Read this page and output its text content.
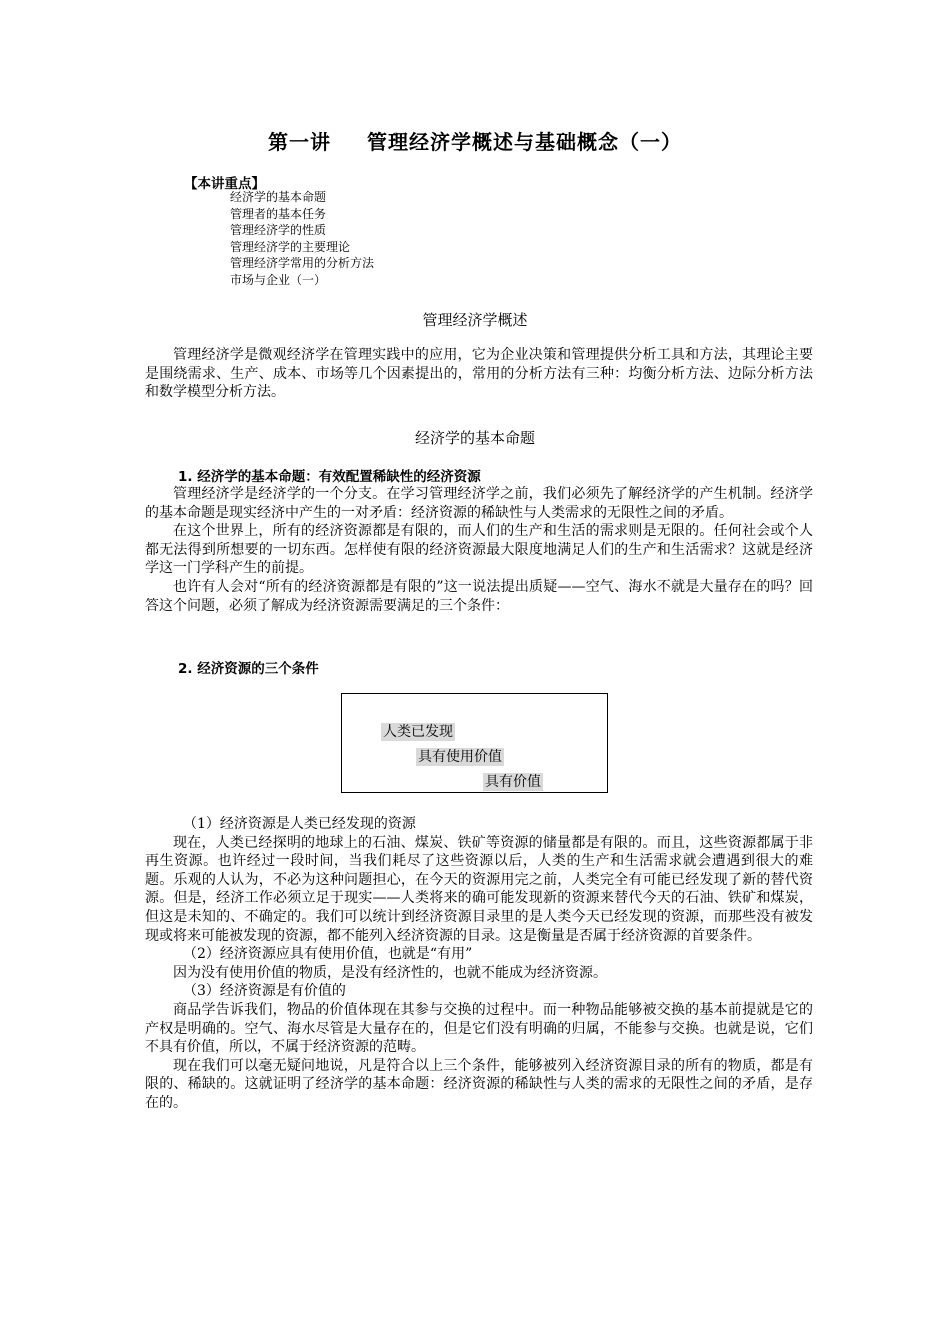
第一讲 管理经济学概述与基础概念（一）
【本讲重点】
经济学的基本命题
管理者的基本任务
管理经济学的性质
管理经济学的主要理论
管理经济学常用的分析方法
市场与企业（一）
管理经济学概述

管理经济学是微观经济学在管理实践中的应用，它为企业决策和管理提供分析工具和方法，其理论主要是围绕需求、生产、成本、市场等几个因素提出的，常用的分析方法有三种：均衡分析方法、边际分析方法和数学模型分析方法。

经济学的基本命题
1. 经济学的基本命题：有效配置稀缺性的经济资源

管理经济学是经济学的一个分支。在学习管理经济学之前，我们必须先了解经济学的产生机制。经济学的基本命题是现实经济中产生的一对矛盾：经济资源的稀缺性与人类需求的无限性之间的矛盾。

在这个世界上，所有的经济资源都是有限的，而人们的生产和生活的需求则是无限的。任何社会或个人都无法得到所想要的一切东西。怎样使有限的经济资源最大限度地满足人们的生产和生活需求？这就是经济学这一门学科产生的前提。

也许有人会对“所有的经济资源都是有限的”这一说法提出质疑——空气、海水不就是大量存在的吗？回答这个问题，必须了解成为经济资源需要满足的三个条件：

2. 经济资源的三个条件
人类已发现
具有使用价值
具有价值

（1）经济资源是人类已经发现的资源

现在，人类已经探明的地球上的石油、煤炭、铁矿等资源的储量都是有限的。而且，这些资源都属于非再生资源。也许经过一段时间，当我们耗尽了这些资源以后，人类的生产和生活需求就会遭遇到很大的难题。乐观的人认为，不必为这种问题担心，在今天的资源用完之前，人类完全有可能已经发现了新的替代资源。但是，经济工作必须立足于现实——人类将来的确可能发现新的资源来替代今天的石油、铁矿和煤炭，但这是未知的、不确定的。我们可以统计到经济资源目录里的是人类今天已经发现的资源，而那些没有被发现或将来可能被发现的资源，都不能列入经济资源的目录。这是衡量是否属于经济资源的首要条件。

（2）经济资源应具有使用价值，也就是“有用”

因为没有使用价值的物质，是没有经济性的，也就不能成为经济资源。

（3）经济资源是有价值的

商品学告诉我们，物品的价值体现在其参与交换的过程中。而一种物品能够被交换的基本前提就是它的产权是明确的。空气、海水尽管是大量存在的，但是它们没有明确的归属，不能参与交换。也就是说，它们不具有价值，所以，不属于经济资源的范畴。

现在我们可以毫无疑问地说，凡是符合以上三个条件，能够被列入经济资源目录的所有的物质，都是有限的、稀缺的。这就证明了经济学的基本命题：经济资源的稀缺性与人类的需求的无限性之间的矛盾，是存在的。
